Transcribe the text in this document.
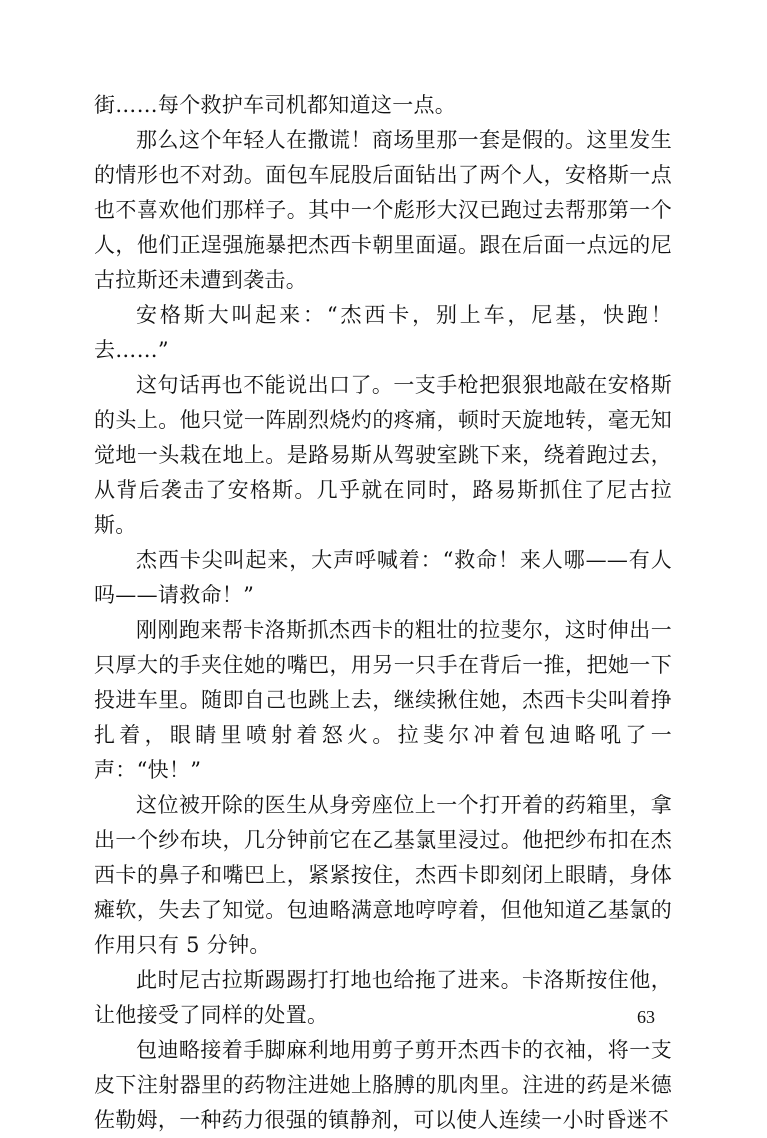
街……每个救护车司机都知道这一点。

那么这个年轻人在撒谎！商场里那一套是假的。这里发生的情形也不对劲。面包车屁股后面钻出了两个人，安格斯一点也不喜欢他们那样子。其中一个彪形大汉已跑过去帮那第一个人，他们正逞强施暴把杰西卡朝里面逼。跟在后面一点远的尼古拉斯还未遭到袭击。

安格斯大叫起来：“杰西卡，别上车，尼基，快跑！去……”

这句话再也不能说出口了。一支手枪把狠狠地敲在安格斯的头上。他只觉一阵剧烈烧灼的疼痛，顿时天旋地转，毫无知觉地一头栽在地上。是路易斯从驾驶室跳下来，绕着跑过去，从背后袭击了安格斯。几乎就在同时，路易斯抓住了尼古拉斯。

杰西卡尖叫起来，大声呼喊着：“救命！来人哪——有人吗——请救命！”

刚刚跑来帮卡洛斯抓杰西卡的粗壮的拉斐尔，这时伸出一只厚大的手夹住她的嘴巴，用另一只手在背后一推，把她一下投进车里。随即自己也跳上去，继续揪住她，杰西卡尖叫着挣扎着，眼睛里喷射着怒火。拉斐尔冲着包迪略吼了一声：“快！”

这位被开除的医生从身旁座位上一个打开着的药箱里，拿出一个纱布块，几分钟前它在乙基氯里浸过。他把纱布扣在杰西卡的鼻子和嘴巴上，紧紧按住，杰西卡即刻闭上眼睛，身体瘫软，失去了知觉。包迪略满意地哼哼着，但他知道乙基氯的作用只有 5 分钟。

此时尼古拉斯踢踢打打地也给拖了进来。卡洛斯按住他，让他接受了同样的处置。

包迪略接着手脚麻利地用剪子剪开杰西卡的衣袖，将一支皮下注射器里的药物注进她上胳膊的肌肉里。注进的药是米德佐勒姆，一种药力很强的镇静剂，可以使人连续一小时昏迷不

63
